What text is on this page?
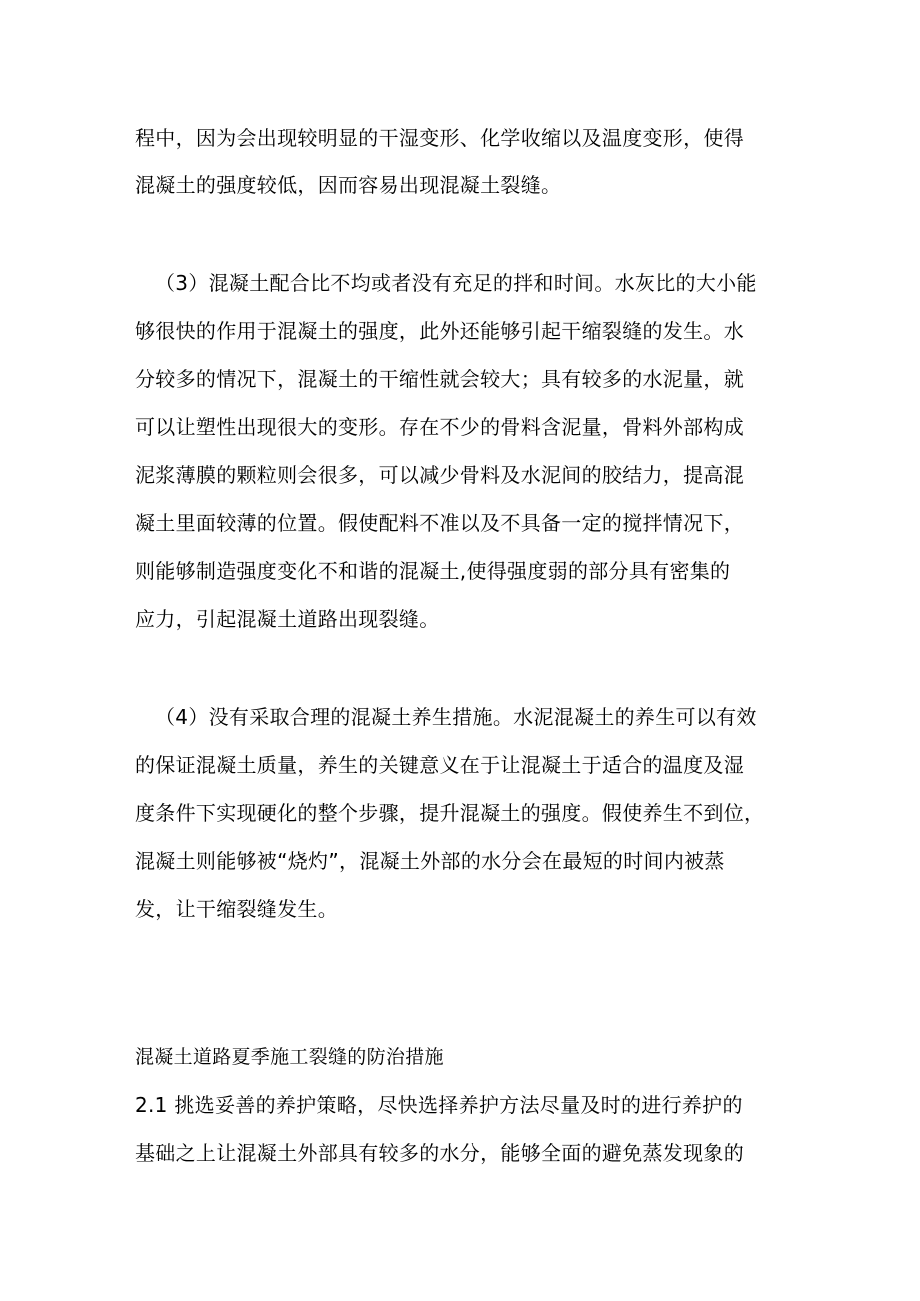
程中，因为会出现较明显的干湿变形、化学收缩以及温度变形，使得
混凝土的强度较低，因而容易出现混凝土裂缝。
（3）混凝土配合比不均或者没有充足的拌和时间。水灰比的大小能
够很快的作用于混凝土的强度，此外还能够引起干缩裂缝的发生。水
分较多的情况下，混凝土的干缩性就会较大；具有较多的水泥量，就
可以让塑性出现很大的变形。存在不少的骨料含泥量，骨料外部构成
泥浆薄膜的颗粒则会很多，可以减少骨料及水泥间的胶结力，提高混
凝土里面较薄的位置。假使配料不准以及不具备一定的搅拌情况下，
则能够制造强度变化不和谐的混凝土,使得强度弱的部分具有密集的
应力，引起混凝土道路出现裂缝。
（4）没有采取合理的混凝土养生措施。水泥混凝土的养生可以有效
的保证混凝土质量，养生的关键意义在于让混凝土于适合的温度及湿
度条件下实现硬化的整个步骤，提升混凝土的强度。假使养生不到位，
混凝土则能够被“烧灼”，混凝土外部的水分会在最短的时间内被蒸
发，让干缩裂缝发生。
混凝土道路夏季施工裂缝的防治措施
2.1 挑选妥善的养护策略，尽快选择养护方法尽量及时的进行养护的
基础之上让混凝土外部具有较多的水分，能够全面的避免蒸发现象的
